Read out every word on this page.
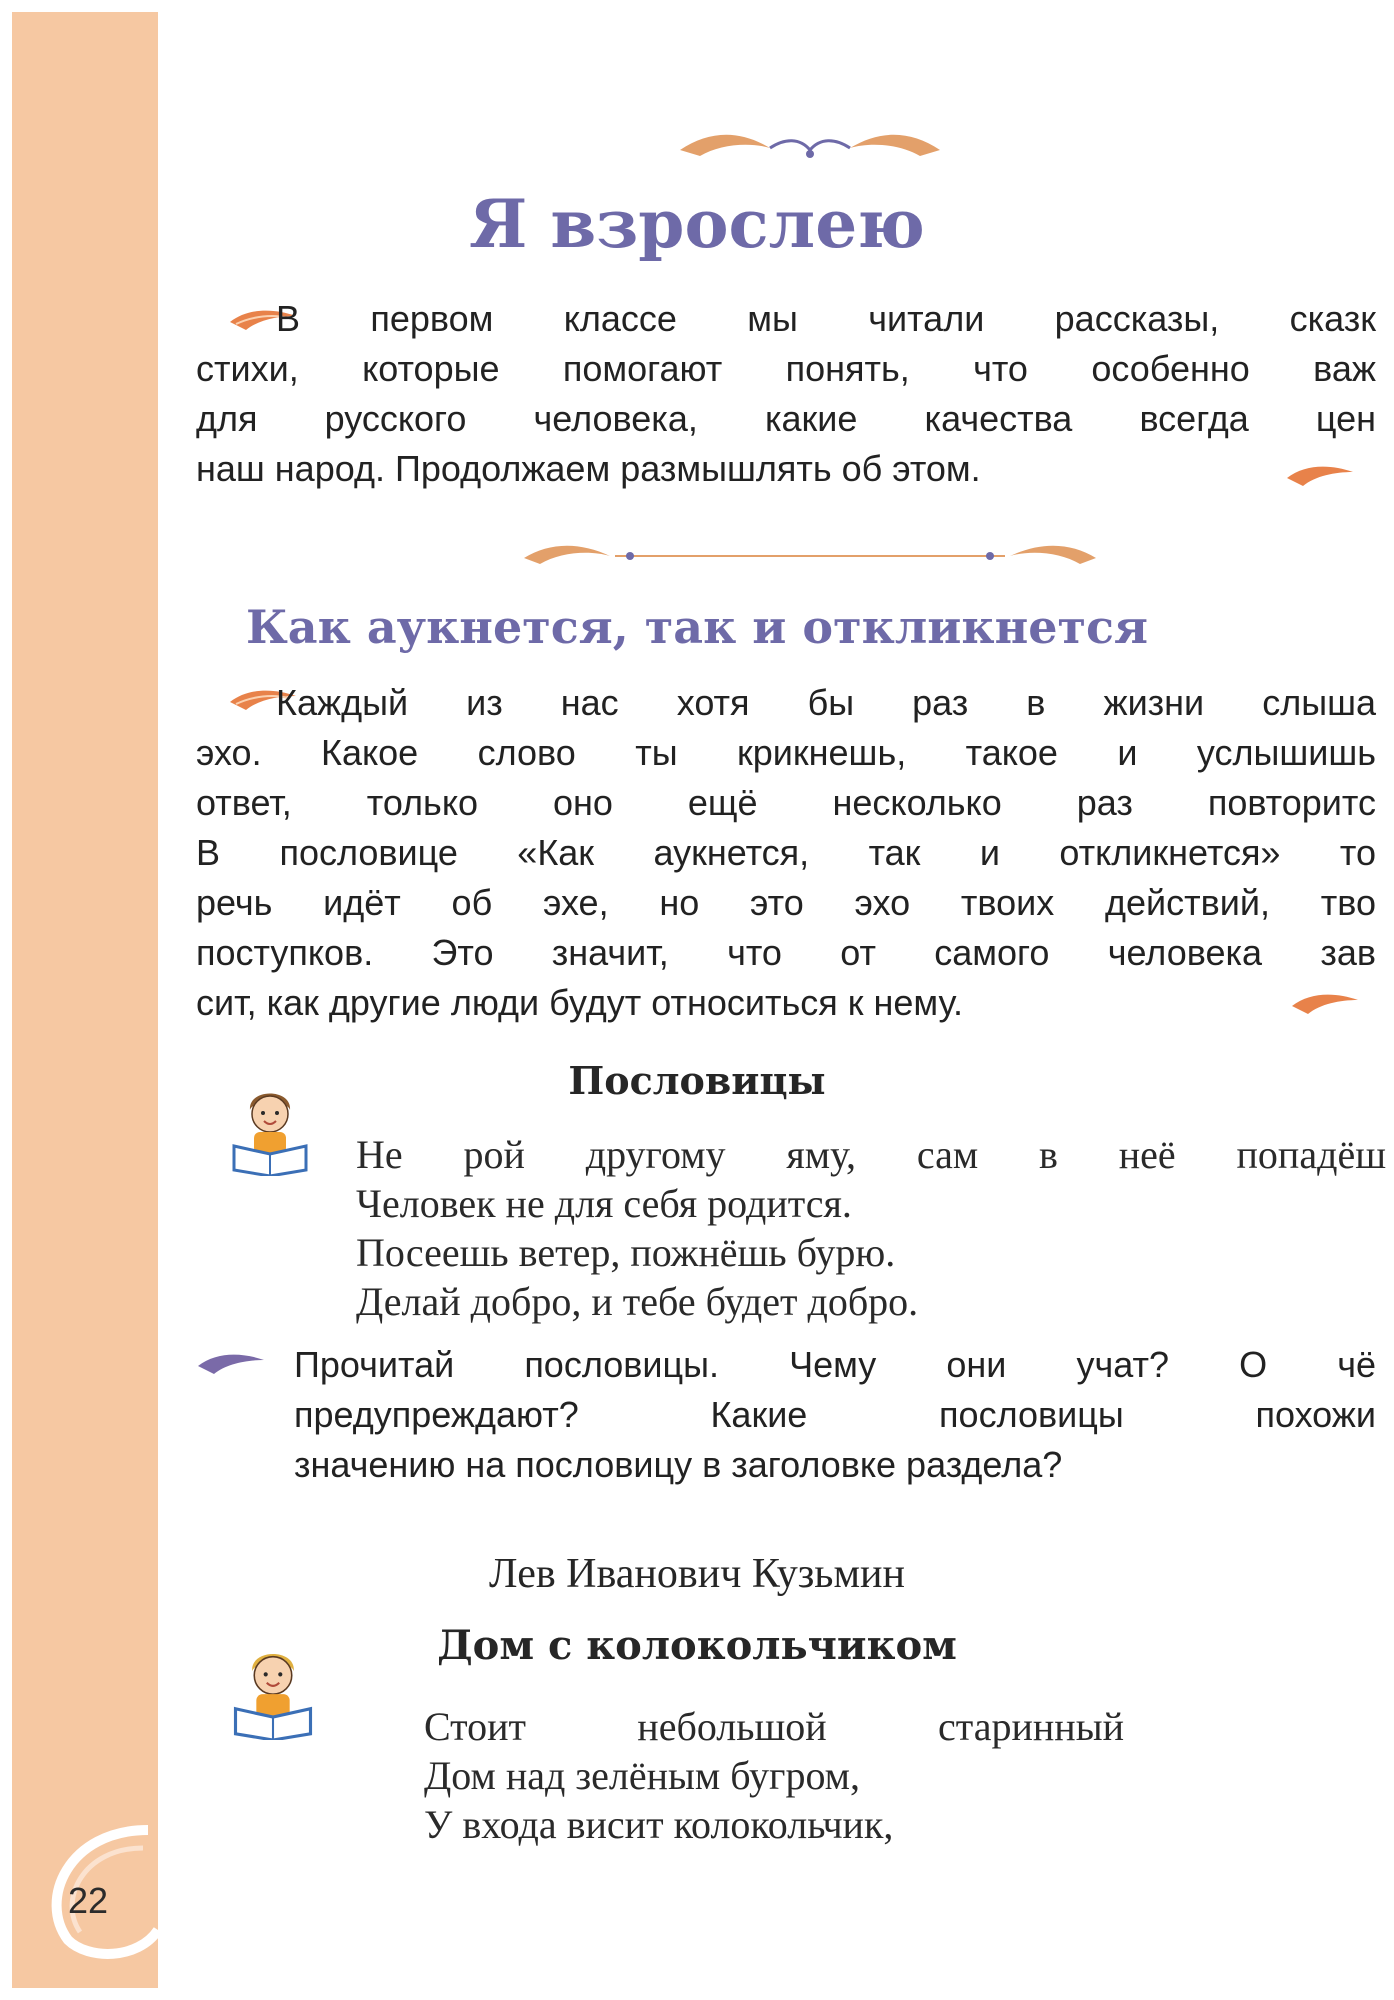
22
Я взрослею
В первом классе мы читали рассказы, сказк
стихи, которые помогают понять, что особенно важ
для русского человека, какие качества всегда цен
наш народ. Продолжаем размышлять об этом.
Как аукнется, так и откликнется
Каждый из нас хотя бы раз в жизни слыша
эхо. Какое слово ты крикнешь, такое и услышишь
ответ, только оно ещё несколько раз повторитс
В пословице «Как аукнется, так и откликнется» то
речь идёт об эхе, но это эхо твоих действий, тво
поступков. Это значит, что от самого человека зав
сит, как другие люди будут относиться к нему.
Пословицы
Не рой другому яму, сам в неё попадёш
Человек не для себя родится.
Посеешь ветер, пожнёшь бурю.
Делай добро, и тебе будет добро.
Прочитай пословицы. Чему они учат? О чё
предупреждают? Какие пословицы похожи
значению на пословицу в заголовке раздела?
Лев Иванович Кузьмин
Дом с колокольчиком
Стоит небольшой старинный
Дом над зелёным бугром,
У входа висит колокольчик,
